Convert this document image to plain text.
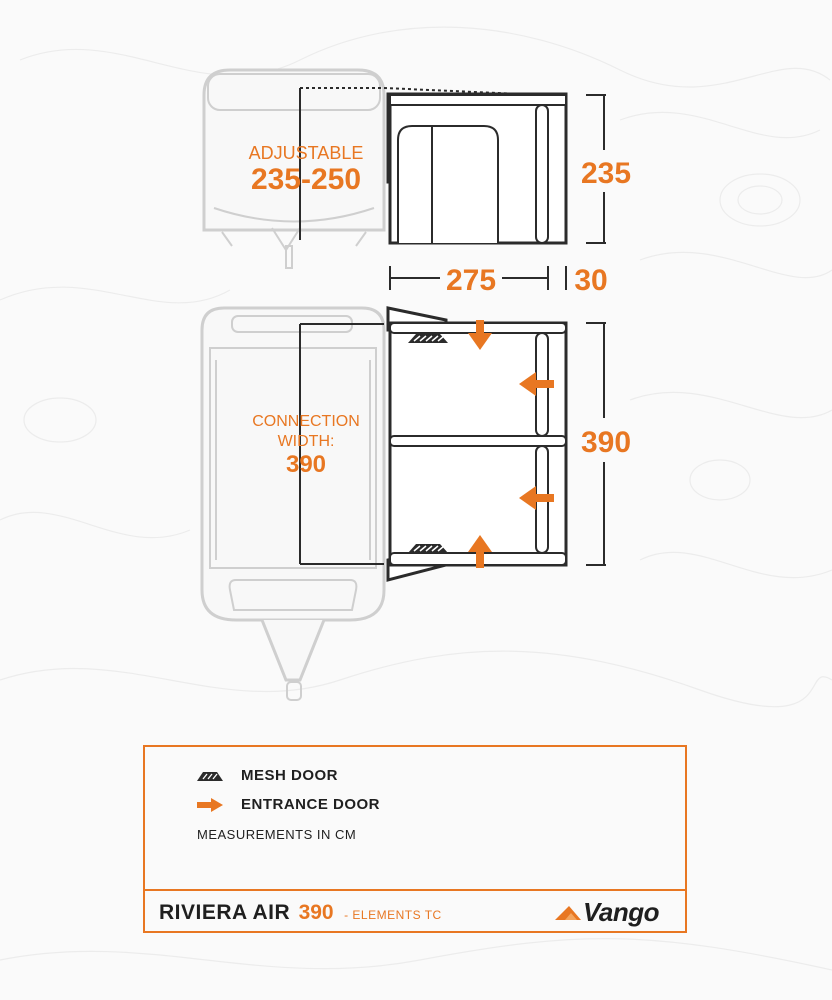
ADJUSTABLE
235-250	235
275	30
CONNECTION
WIDTH:
390
390
MESH DOOR
ENTRANCE DOOR
MEASUREMENTS IN CM
RIVIERA AIR 390 - ELEMENTS TC	Vango
